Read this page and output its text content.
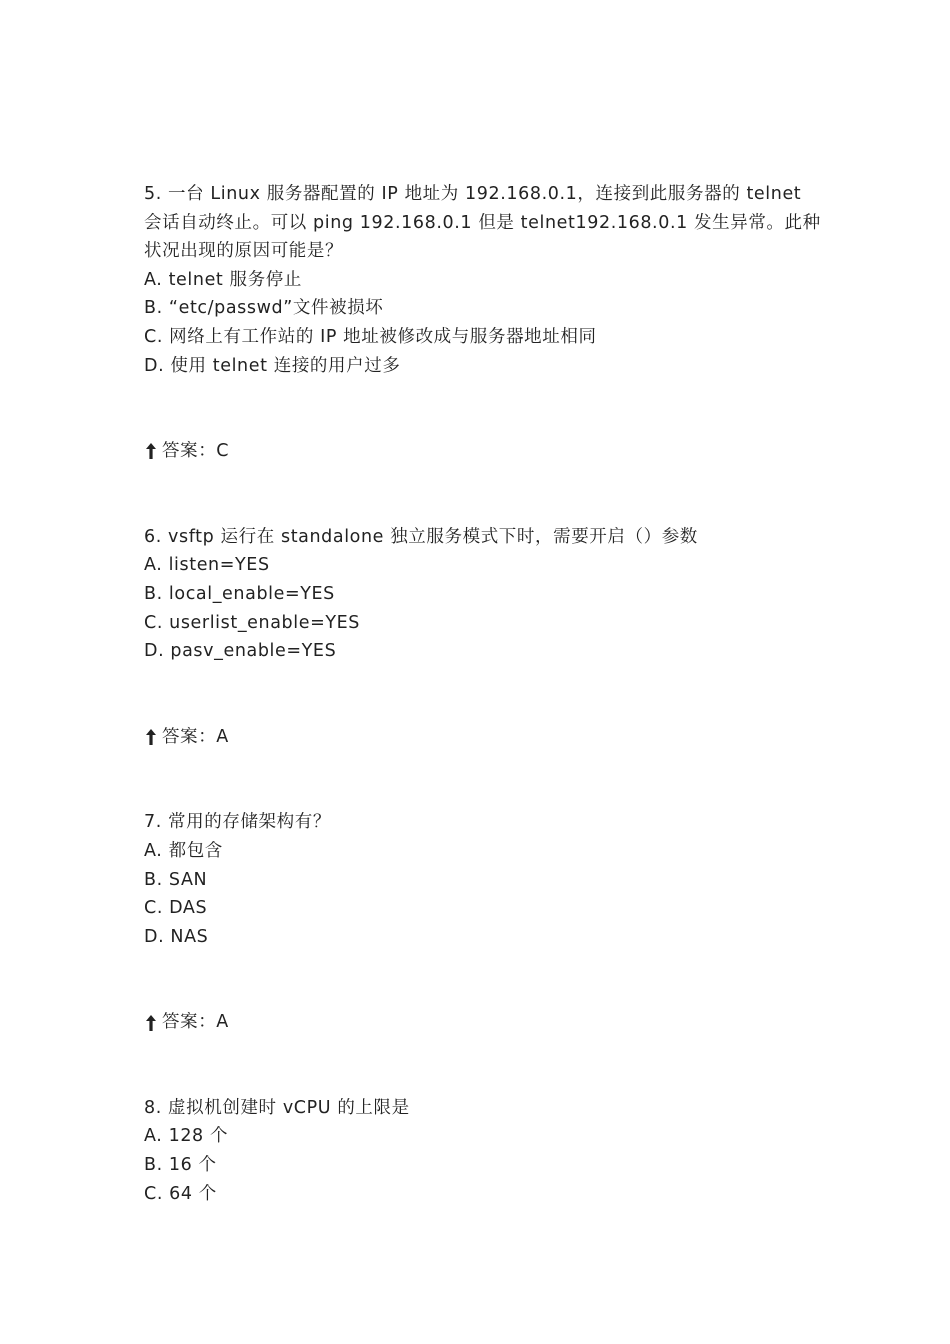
5. 一台 Linux 服务器配置的 IP 地址为 192.168.0.1，连接到此服务器的 telnet 会话自动终止。可以 ping 192.168.0.1 但是 telnet192.168.0.1 发生异常。此种状况出现的原因可能是？

A. telnet 服务停止

B. “etc/passwd”文件被损坏

C. 网络上有工作站的 IP 地址被修改成与服务器地址相同

D. 使用 telnet 连接的用户过多

答案：C

6. vsftp 运行在 standalone 独立服务模式下时，需要开启（）参数

A. listen=YES

B. local_enable=YES

C. userlist_enable=YES

D. pasv_enable=YES

答案：A

7. 常用的存储架构有？

A. 都包含

B. SAN

C. DAS

D. NAS

答案：A

8. 虚拟机创建时 vCPU 的上限是

A. 128 个

B. 16 个

C. 64 个
